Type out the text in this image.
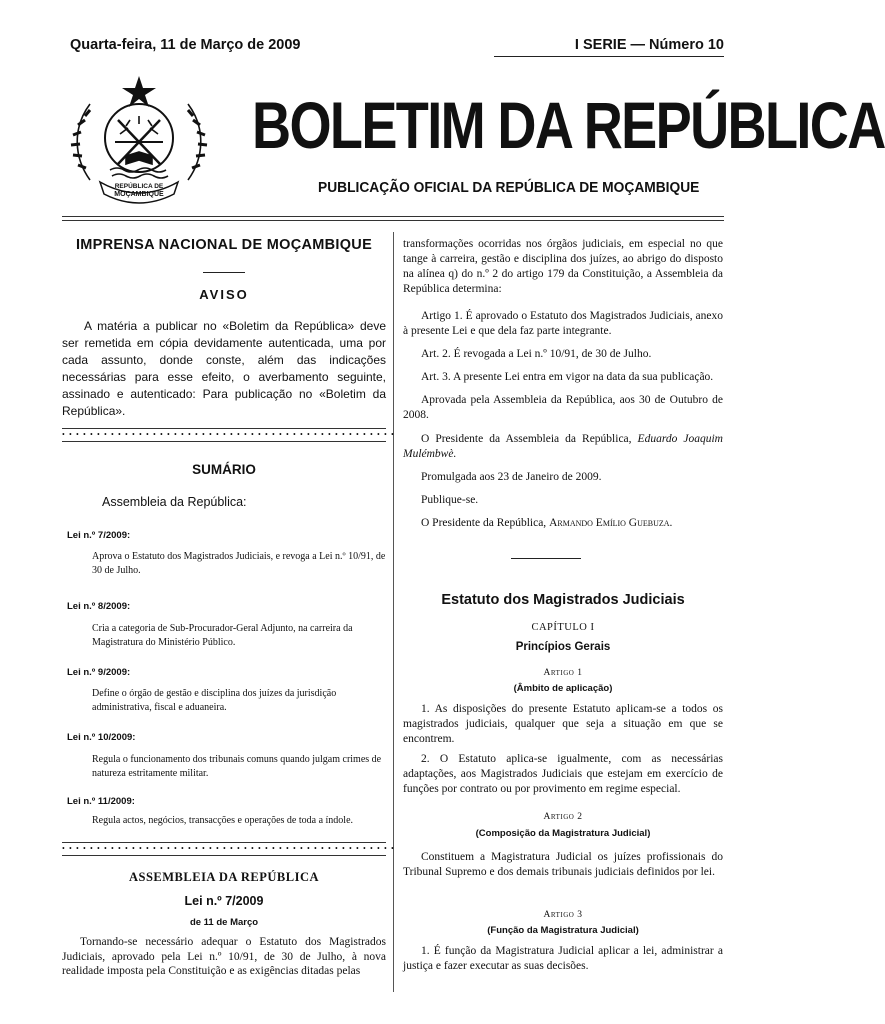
Quarta-feira, 11 de Março de 2009	I SERIE — Número 10
REPÚBLICA DE
MOÇAMBIQUE
BOLETIM DA REPÚBLICA
PUBLICAÇÃO OFICIAL DA REPÚBLICA DE MOÇAMBIQUE
IMPRENSA NACIONAL DE MOÇAMBIQUE
AVISO
A matéria a publicar no «Boletim da República» deve ser remetida em cópia devidamente autenticada, uma por cada assunto, donde conste, além das indicações necessárias para esse efeito, o averbamento seguinte, assinado e autenticado: Para publicação no «Boletim da República».
••••••••••••••••••••••••••••••••••••••••••••••••
SUMÁRIO
Assembleia da República:
Lei n.º 7/2009:
Aprova o Estatuto dos Magistrados Judiciais, e revoga a Lei n.º 10/91, de 30 de Julho.
Lei n.º 8/2009:
Cria a categoria de Sub-Procurador-Geral Adjunto, na carreira da Magistratura do Ministério Público.
Lei n.º 9/2009:
Define o órgão de gestão e disciplina dos juízes da jurisdição administrativa, fiscal e aduaneira.
Lei n.º 10/2009:
Regula o funcionamento dos tribunais comuns quando julgam crimes de natureza estritamente militar.
Lei n.º 11/2009:
Regula actos, negócios, transacções e operações de toda a índole.
••••••••••••••••••••••••••••••••••••••••••••••••
ASSEMBLEIA DA REPÚBLICA
Lei n.º 7/2009
de 11 de Março
Tornando-se necessário adequar o Estatuto dos Magistrados Judiciais, aprovado pela Lei n.º 10/91, de 30 de Julho, à nova realidade imposta pela Constituição e as exigências ditadas pelas
transformações ocorridas nos órgãos judiciais, em especial no que tange à carreira, gestão e disciplina dos juízes, ao abrigo do disposto na alínea q) do n.º 2 do artigo 179 da Constituição, a Assembleia da República determina:
Artigo 1. É aprovado o Estatuto dos Magistrados Judiciais, anexo à presente Lei e que dela faz parte integrante.
Art. 2. É revogada a Lei n.º 10/91, de 30 de Julho.
Art. 3. A presente Lei entra em vigor na data da sua publicação.
Aprovada pela Assembleia da República, aos 30 de Outubro de 2008.
O Presidente da Assembleia da República, Eduardo Joaquim Mulémbwè.
Promulgada aos 23 de Janeiro de 2009.
Publique-se.
O Presidente da República, Armando Emílio Guebuza.
Estatuto dos Magistrados Judiciais
CAPÍTULO I
Princípios Gerais
Artigo 1
(Âmbito de aplicação)
1. As disposições do presente Estatuto aplicam-se a todos os magistrados judiciais, qualquer que seja a situação em que se encontrem.
2. O Estatuto aplica-se igualmente, com as necessárias adaptações, aos Magistrados Judiciais que estejam em exercício de funções por contrato ou por provimento em regime especial.
Artigo 2
(Composição da Magistratura Judicial)
Constituem a Magistratura Judicial os juízes profissionais do Tribunal Supremo e dos demais tribunais judiciais definidos por lei.
Artigo 3
(Função da Magistratura Judicial)
1. É função da Magistratura Judicial aplicar a lei, administrar a justiça e fazer executar as suas decisões.
